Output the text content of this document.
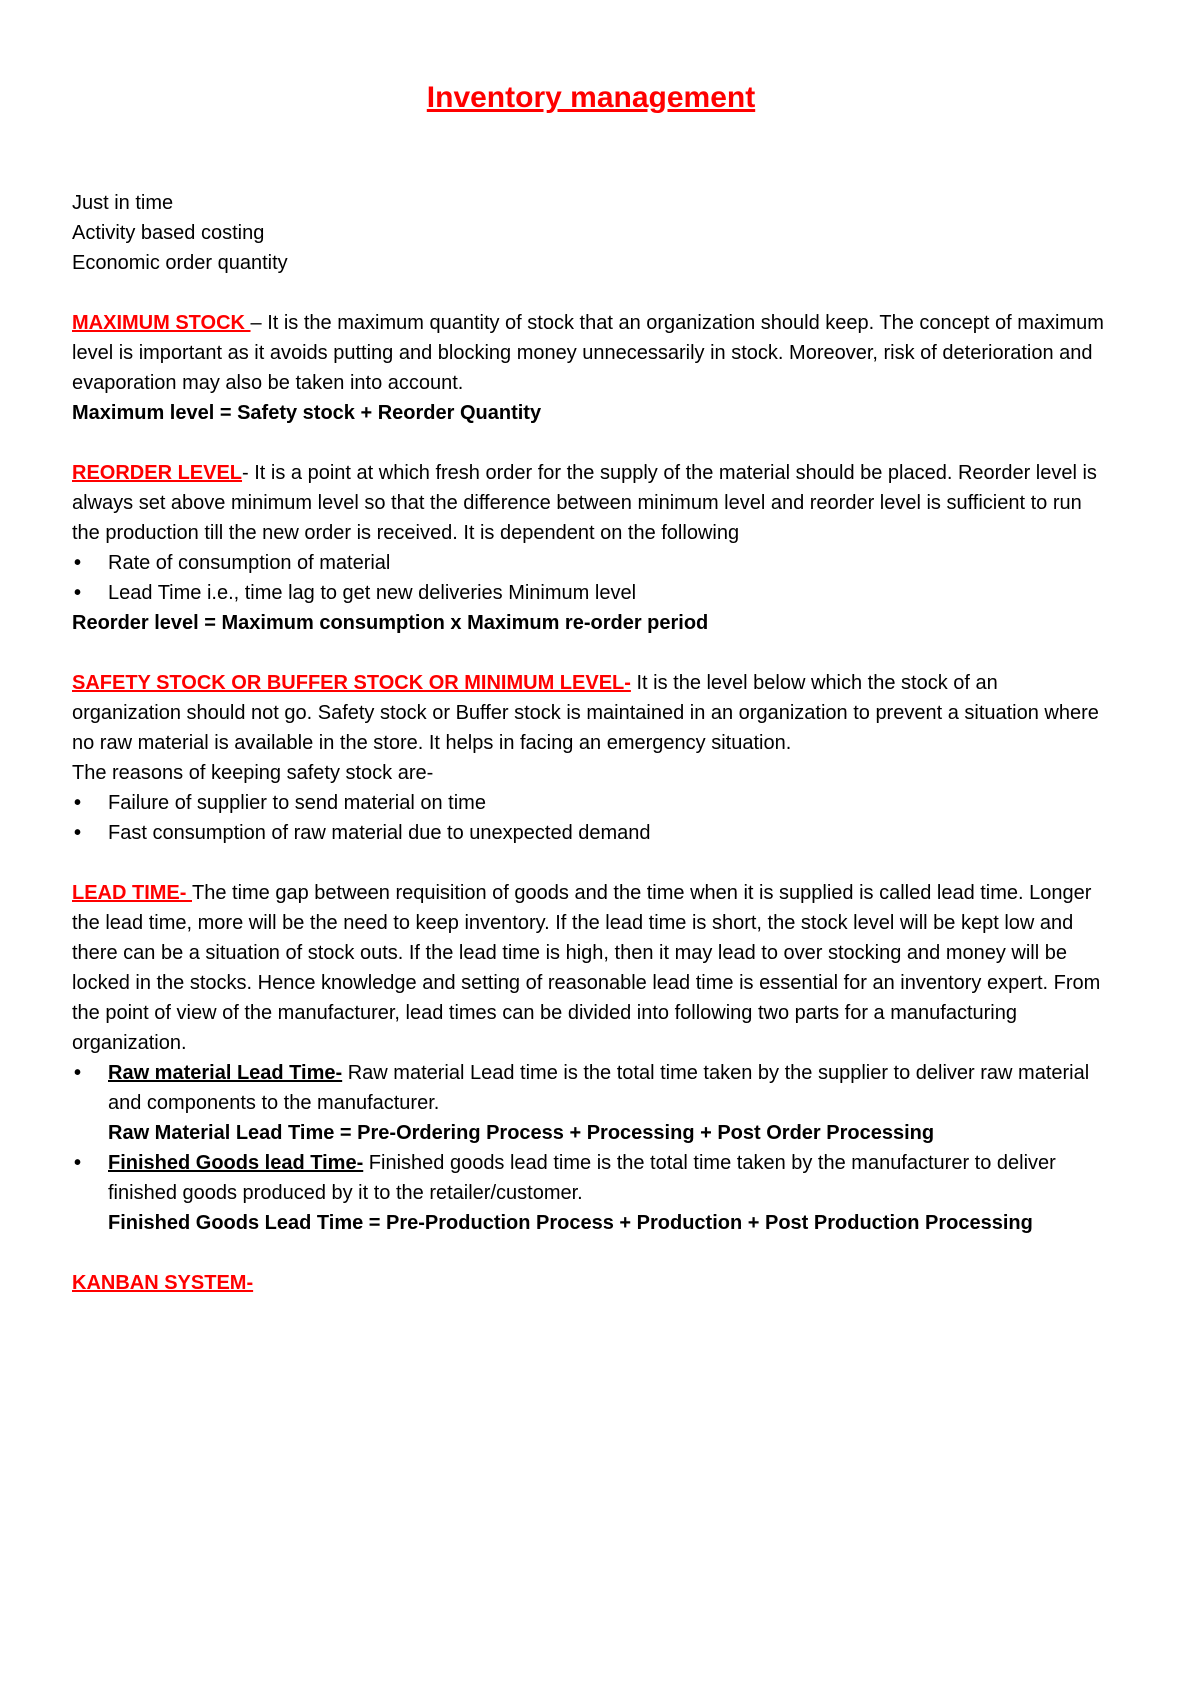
Inventory management

Just in time

Activity based costing

Economic order quantity

MAXIMUM STOCK – It is the maximum quantity of stock that an organization should keep. The concept of maximum level is important as it avoids putting and blocking money unnecessarily in stock. Moreover, risk of deterioration and evaporation may also be taken into account.

Maximum level = Safety stock + Reorder Quantity

REORDER LEVEL- It is a point at which fresh order for the supply of the material should be placed. Reorder level is always set above minimum level so that the difference between minimum level and reorder level is sufficient to run the production till the new order is received. It is dependent on the following

• Rate of consumption of material
• Lead Time i.e., time lag to get new deliveries Minimum level

Reorder level = Maximum consumption x Maximum re-order period

SAFETY STOCK OR BUFFER STOCK OR MINIMUM LEVEL- It is the level below which the stock of an organization should not go. Safety stock or Buffer stock is maintained in an organization to prevent a situation where no raw material is available in the store. It helps in facing an emergency situation.

The reasons of keeping safety stock are-

• Failure of supplier to send material on time
• Fast consumption of raw material due to unexpected demand

LEAD TIME- The time gap between requisition of goods and the time when it is supplied is called lead time. Longer the lead time, more will be the need to keep inventory. If the lead time is short, the stock level will be kept low and there can be a situation of stock outs. If the lead time is high, then it may lead to over stocking and money will be locked in the stocks. Hence knowledge and setting of reasonable lead time is essential for an inventory expert. From the point of view of the manufacturer, lead times can be divided into following two parts for a manufacturing organization.

• Raw material Lead Time- Raw material Lead time is the total time taken by the supplier to deliver raw material and components to the manufacturer.
Raw Material Lead Time = Pre-Ordering Process + Processing + Post Order Processing
• Finished Goods lead Time- Finished goods lead time is the total time taken by the manufacturer to deliver finished goods produced by it to the retailer/customer.
Finished Goods Lead Time = Pre-Production Process + Production + Post Production Processing

KANBAN SYSTEM-
